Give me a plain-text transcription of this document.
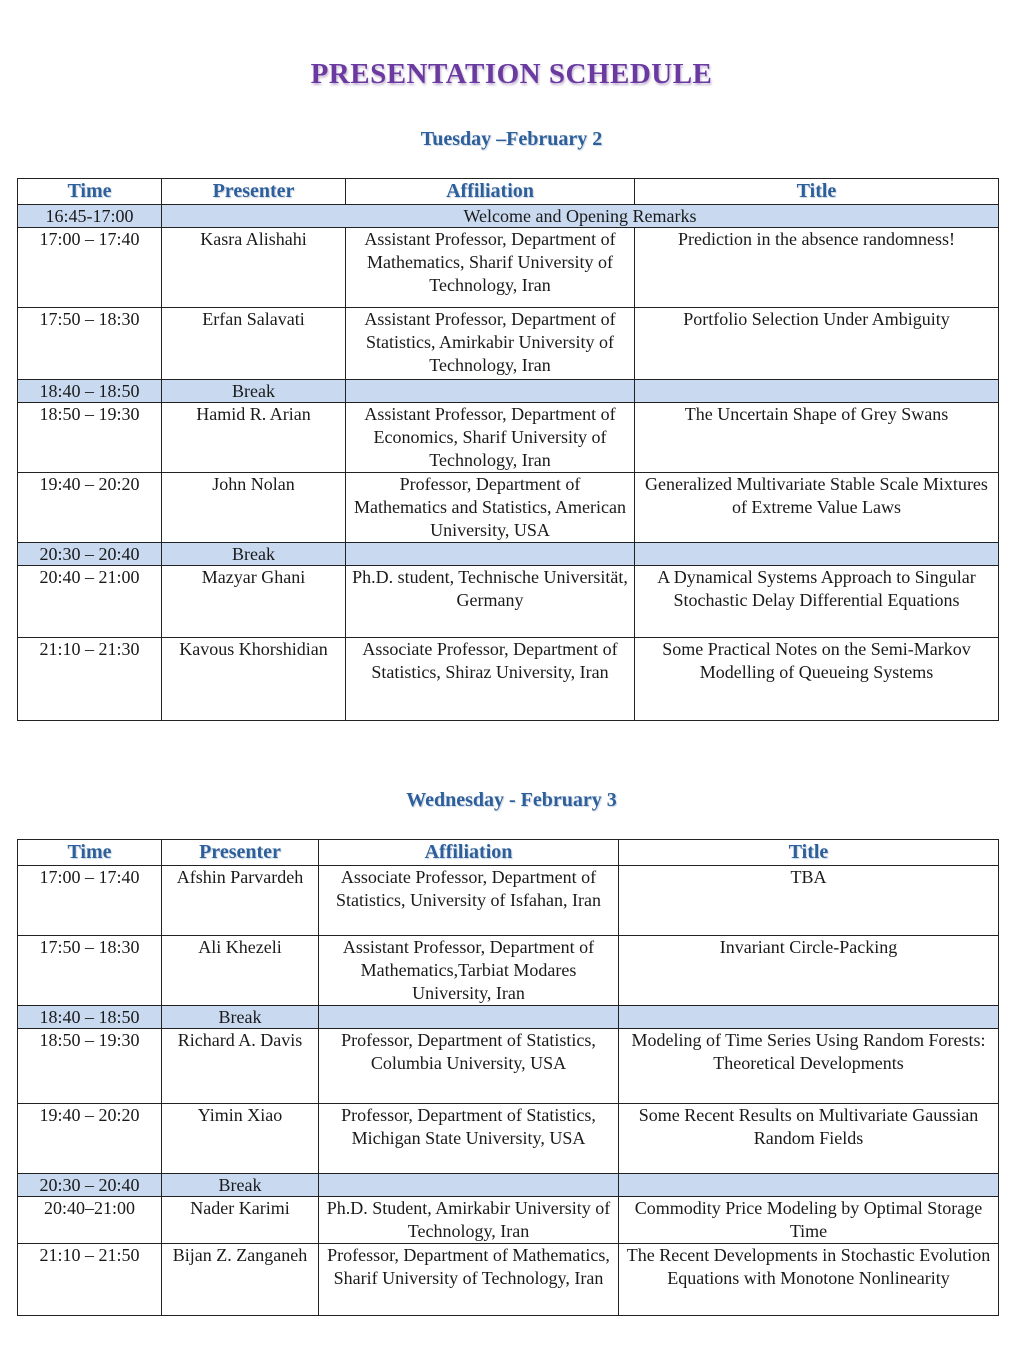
PRESENTATION SCHEDULE
Tuesday –February 2
Time	Presenter	Affiliation	Title
16:45-17:00	Welcome and Opening Remarks		
17:00 – 17:40	Kasra Alishahi	Assistant Professor, Department of Mathematics, Sharif University of Technology, Iran	Prediction in the absence randomness!
17:50 – 18:30	Erfan Salavati	Assistant Professor, Department of Statistics, Amirkabir University of Technology, Iran	Portfolio Selection Under Ambiguity
18:40 – 18:50	Break		
18:50 – 19:30	Hamid R. Arian	Assistant Professor, Department of Economics, Sharif University of Technology, Iran	The Uncertain Shape of Grey Swans
19:40 – 20:20	John Nolan	Professor, Department of Mathematics and Statistics, American University, USA	Generalized Multivariate Stable Scale Mixtures of Extreme Value Laws
20:30 – 20:40	Break		
20:40 – 21:00	Mazyar Ghani	Ph.D. student, Technische Universität, Germany	A Dynamical Systems Approach to Singular Stochastic Delay Differential Equations
21:10 – 21:30	Kavous Khorshidian	Associate Professor, Department of Statistics, Shiraz University, Iran	Some Practical Notes on the Semi-Markov Modelling of Queueing Systems
Wednesday - February 3
Time	Presenter	Affiliation	Title
17:00 – 17:40	Afshin Parvardeh	Associate Professor, Department of Statistics, University of Isfahan, Iran	TBA
17:50 – 18:30	Ali Khezeli	Assistant Professor, Department of Mathematics,Tarbiat Modares University, Iran	Invariant Circle-Packing
18:40 – 18:50	Break		
18:50 – 19:30	Richard A. Davis	Professor, Department of Statistics, Columbia University, USA	Modeling of Time Series Using Random Forests: Theoretical Developments
19:40 – 20:20	Yimin Xiao	Professor, Department of Statistics, Michigan State University, USA	Some Recent Results on Multivariate Gaussian Random Fields
20:30 – 20:40	Break		
20:40–21:00	Nader Karimi	Ph.D. Student, Amirkabir University of Technology, Iran	Commodity Price Modeling by Optimal Storage Time
21:10 – 21:50	Bijan Z. Zanganeh	Professor, Department of Mathematics, Sharif University of Technology, Iran	The Recent Developments in Stochastic Evolution Equations with Monotone Nonlinearity
